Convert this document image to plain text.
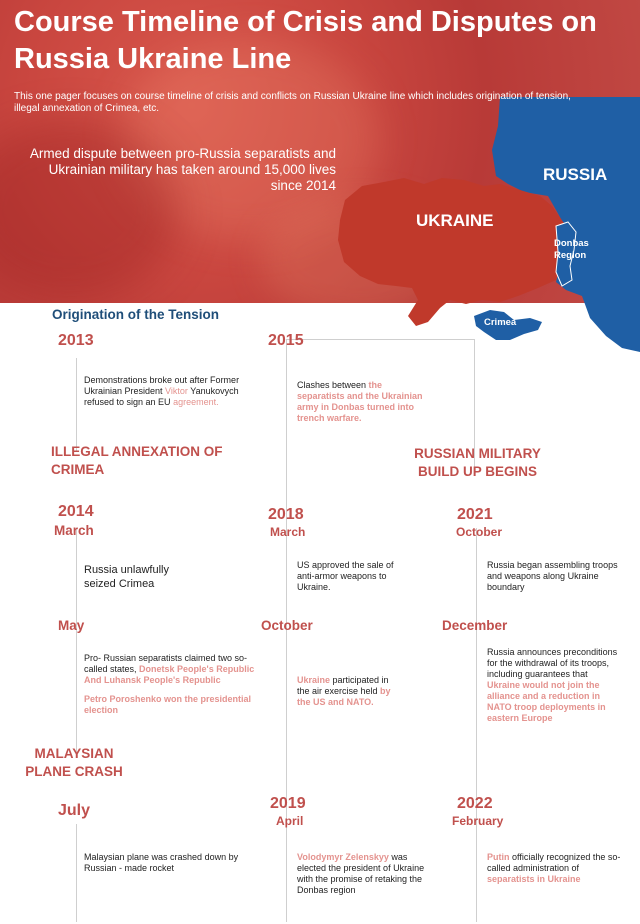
Course Timeline of Crisis and Disputes on Russia Ukraine Line

This one pager focuses on course timeline of crisis and conflicts on Russian Ukraine line which includes origination of tension, illegal annexation of Crimea, etc.

Armed dispute between pro-Russia separatists and Ukrainian military has taken around 15,000 lives since 2014
RUSSIA
UKRAINE
Donbas Region
Crimea
Origination of the Tension
2013
Demonstrations broke out after Former Ukrainian President Viktor Yanukovych refused to sign an EU agreement.
ILLEGAL ANNEXATION OF CRIMEA
2014
March
Russia unlawfully seized Crimea
May

Pro- Russian separatists claimed two so-called states, Donetsk People's Republic And Luhansk People's Republic

Petro Poroshenko won the presidential election

MALAYSIAN PLANE CRASH
July
Malaysian plane was crashed down by Russian - made rocket
2015
Clashes between the separatists and the Ukrainian army in Donbas turned into trench warfare.
2018
March
US approved the sale of anti-armor weapons to Ukraine.
October
Ukraine participated in the air exercise held by the US and NATO.
2019
April
Volodymyr Zelenskyy was elected the president of Ukraine with the promise of retaking the Donbas region
RUSSIAN MILITARY BUILD UP BEGINS
2021
October
Russia began assembling troops and weapons along Ukraine boundary
December
Russia announces preconditions for the withdrawal of its troops, including guarantees that Ukraine would not join the alliance and a reduction in NATO troop deployments in eastern Europe
2022
February
Putin officially recognized the so-called administration of separatists in Ukraine
